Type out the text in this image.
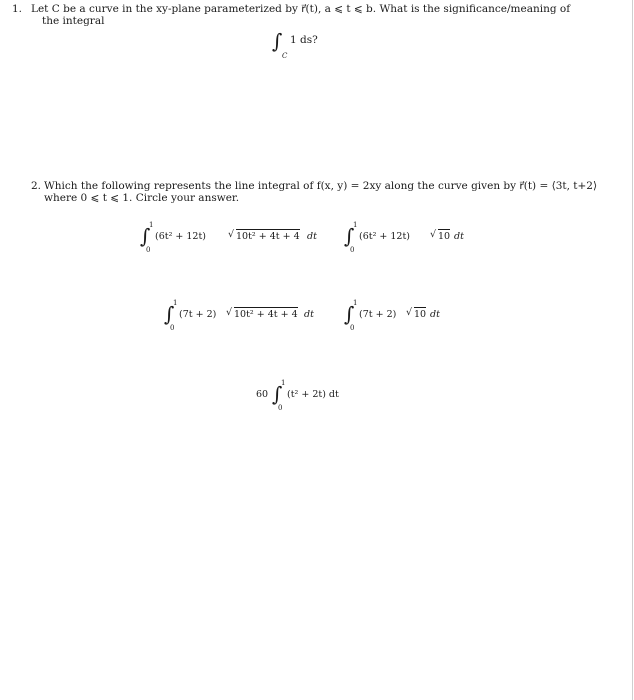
1. Let C be a curve in the xy-plane parameterized by r⃗(t), a ⩽ t ⩽ b. What is the significance/meaning of
the integral
∫
C
1 ds?
2. Which the following represents the line integral of f(x, y) = 2xy along the curve given by r⃗(t) = ⟨3t, t+2⟩
where 0 ⩽ t ⩽ 1. Circle your answer.
∫
1
0
(6t² + 12t) √ 10t² + 4t + 4 dt ∫
1
0
(6t² + 12t) √ 10 dt
∫
1
0
(7t + 2) √ 10t² + 4t + 4 dt ∫
1
0
(7t + 2) √ 10 dt
60 ∫
1
0
(t² + 2t) dt
